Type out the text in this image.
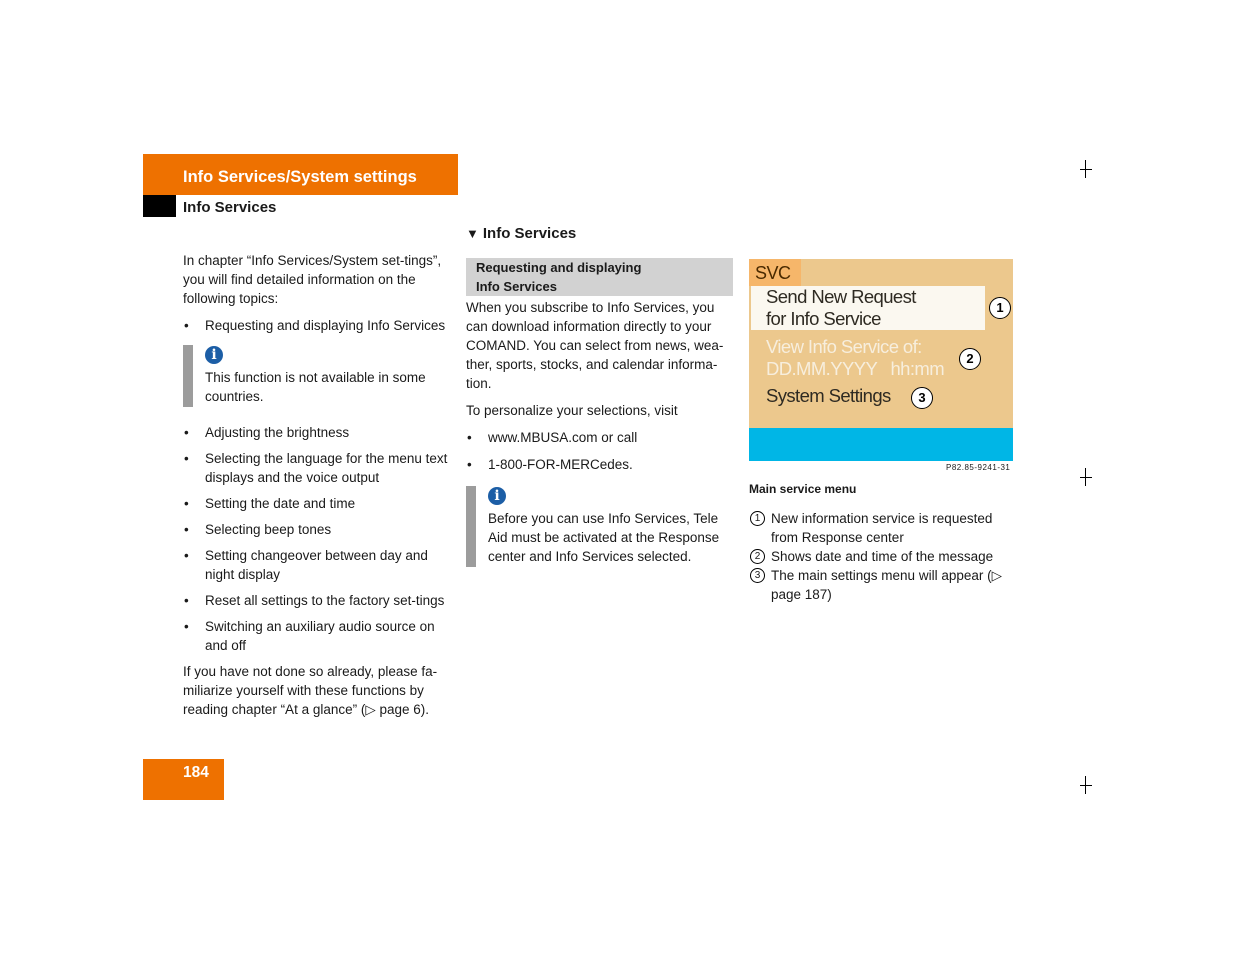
Info Services/System settings
Info Services

In chapter “Info Services/System set-tings”, you will find detailed information on the following topics:

• Requesting and displaying Info Services
i
This function is not available in some countries.
• Adjusting the brightness
• Selecting the language for the menu text displays and the voice output
• Setting the date and time
• Selecting beep tones
• Setting changeover between day and night display
• Reset all settings to the factory set-tings
• Switching an auxiliary audio source on and off

If you have not done so already, please fa-miliarize yourself with these functions by reading chapter “At a glance” (▷ page 6).

▼ Info Services
Requesting and displaying
Info Services

When you subscribe to Info Services, you can download information directly to your COMAND. You can select from news, wea-ther, sports, stocks, and calendar informa-tion.

To personalize your selections, visit

• www.MBUSA.com or call
• 1-800-FOR-MERCedes.
i
Before you can use Info Services, Tele Aid must be activated at the Response center and Info Services selected.
SVC
Send New Request
for Info Service
View Info Service of:
DD.MM.YYYY   hh:mm
System Settings
1
2
3
P82.85-9241-31
Main service menu
1 New information service is requested from Response center
2 Shows date and time of the message
3 The main settings menu will appear (▷ page 187)
184
